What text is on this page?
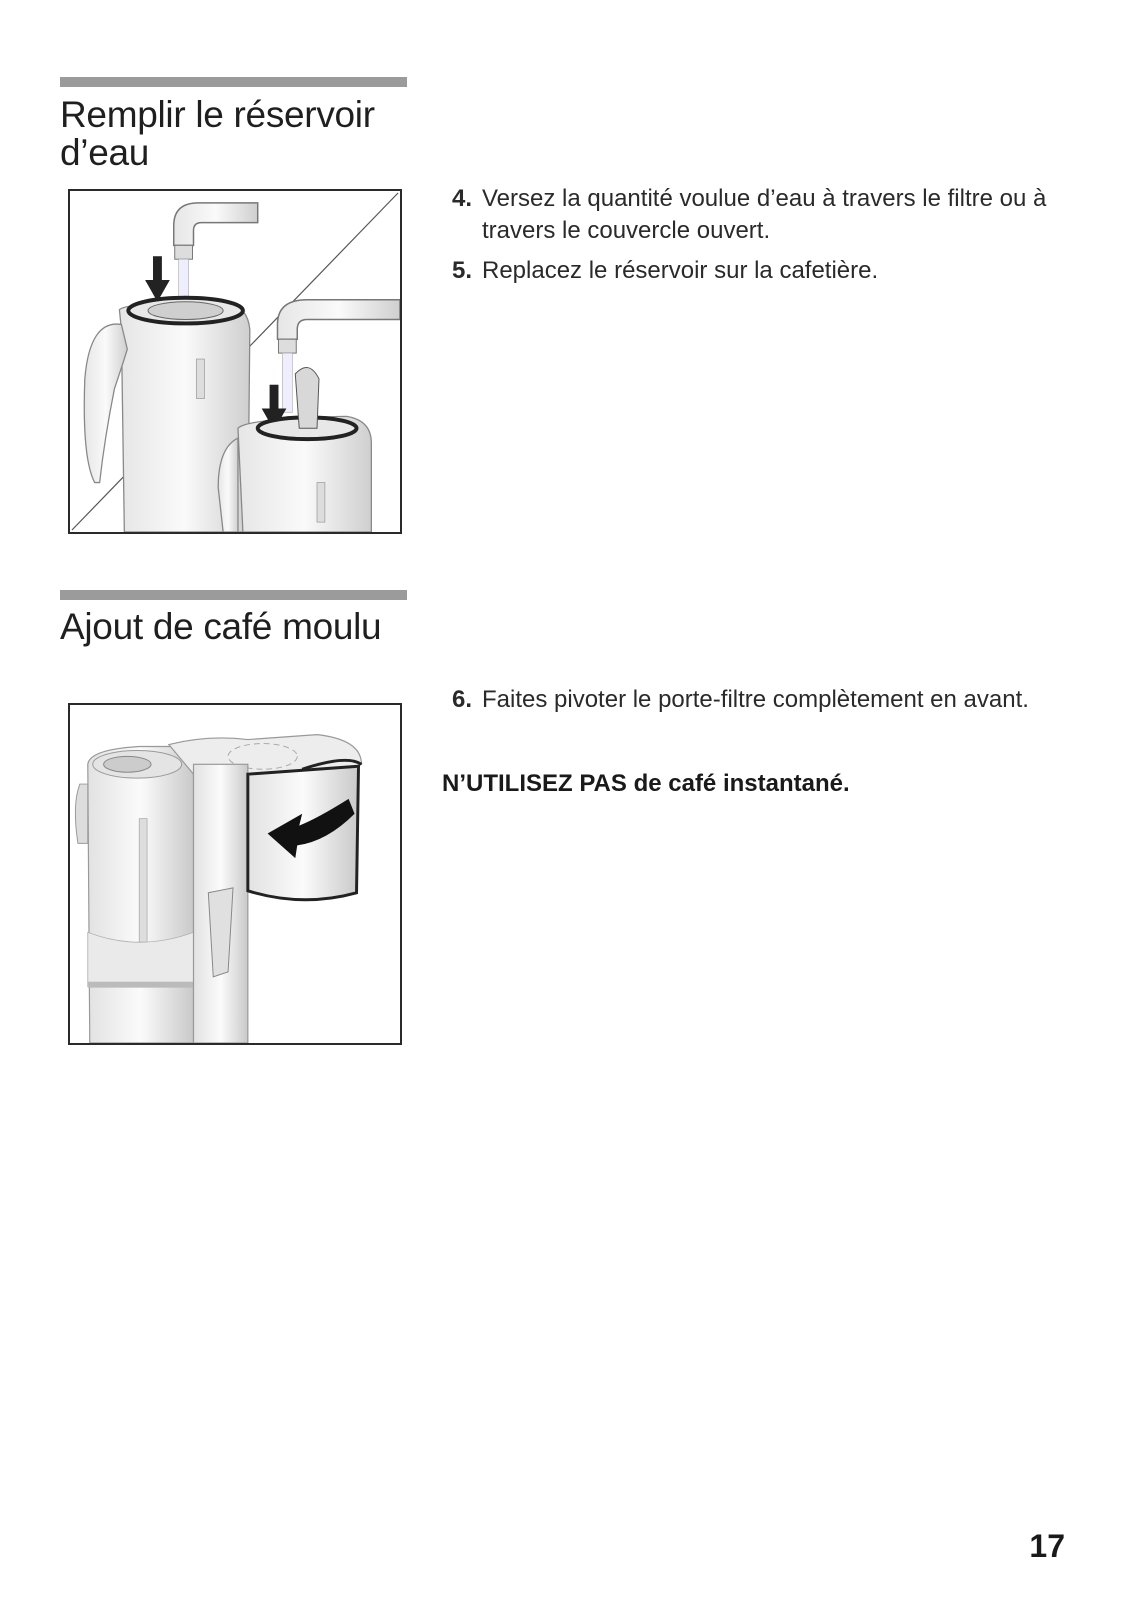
Remplir le réservoir
d’eau
4. Versez la quantité voulue d’eau à travers le filtre ou à travers le couvercle ouvert.
5. Replacez le réservoir sur la cafetière.
Ajout de café moulu
6. Faites pivoter le porte-filtre complètement en avant.
N’UTILISEZ PAS de café instantané.
17
